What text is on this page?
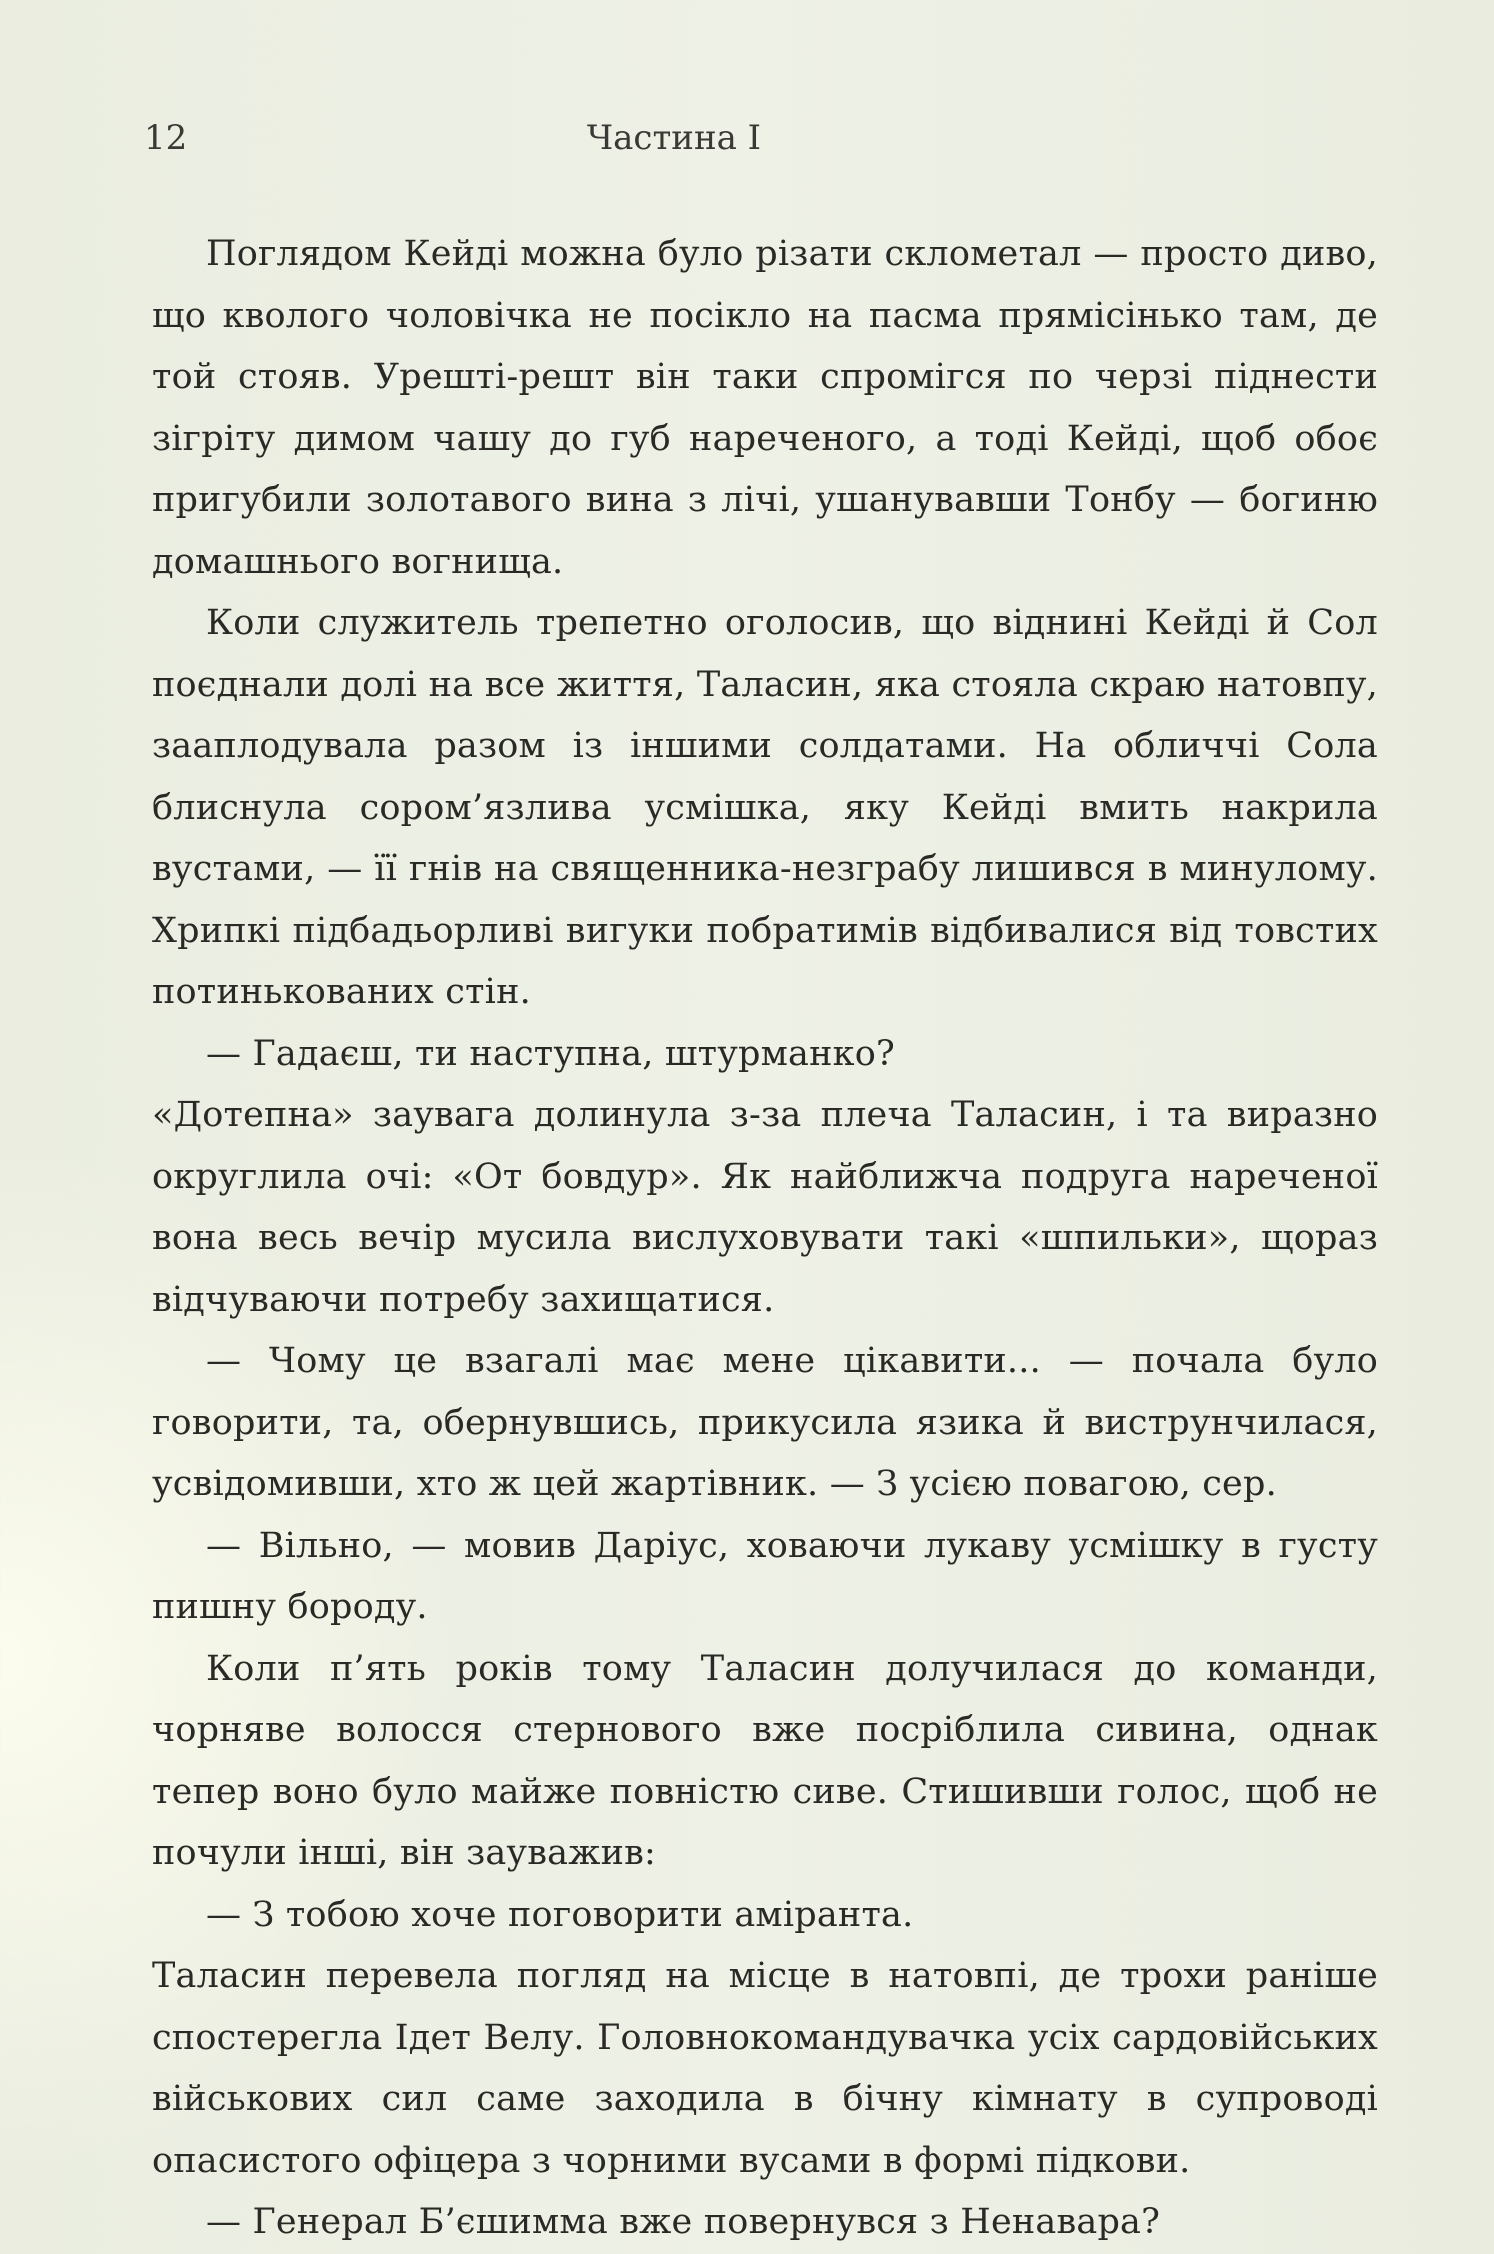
12	Частина I

Поглядом Кейді можна було різати склометал — просто диво, що кволого чоловічка не посікло на пасма прямісінько там, де той стояв. Урешті-решт він таки спромігся по черзі піднести зігріту димом чашу до губ нареченого, а тоді Кейді, щоб обоє пригубили золотавого вина з лічі, ушанувавши Тонбу — богиню домашнього вогнища.

Коли служитель трепетно оголосив, що віднині Кейді й Сол поєднали долі на все життя, Таласин, яка стояла скраю натовпу, зааплодувала разом із іншими солдатами. На обличчі Сола блиснула сором’язлива усмішка, яку Кейді вмить накрила вустами, — її гнів на священника-незграбу лишився в минулому. Хрипкі підбадьорливі вигуки побратимів відбивалися від товстих потинькованих стін.

— Гадаєш, ти наступна, штурманко?

«Дотепна» заувага долинула з-за плеча Таласин, і та виразно округлила очі: «От бовдур». Як найближча подруга нареченої вона весь вечір мусила вислуховувати такі «шпильки», щораз відчуваючи потребу захищатися.

— Чому це взагалі має мене цікавити... — почала було говорити, та, обернувшись, прикусила язика й виструнчилася, усвідомивши, хто ж цей жартівник. — З усією повагою, сер.

— Вільно, — мовив Даріус, ховаючи лукаву усмішку в густу пишну бороду.

Коли п’ять років тому Таласин долучилася до команди, чорняве волосся стернового вже посріблила сивина, однак тепер воно було майже повністю сиве. Стишивши голос, щоб не почули інші, він зауважив:

— З тобою хоче поговорити аміранта.

Таласин перевела погляд на місце в натовпі, де трохи раніше спостерегла Ідет Велу. Головнокомандувачка усіх сардовійських військових сил саме заходила в бічну кімнату в супроводі опасистого офіцера з чорними вусами в формі підкови.

— Генерал Б’єшимма вже повернувся з Ненавара?
